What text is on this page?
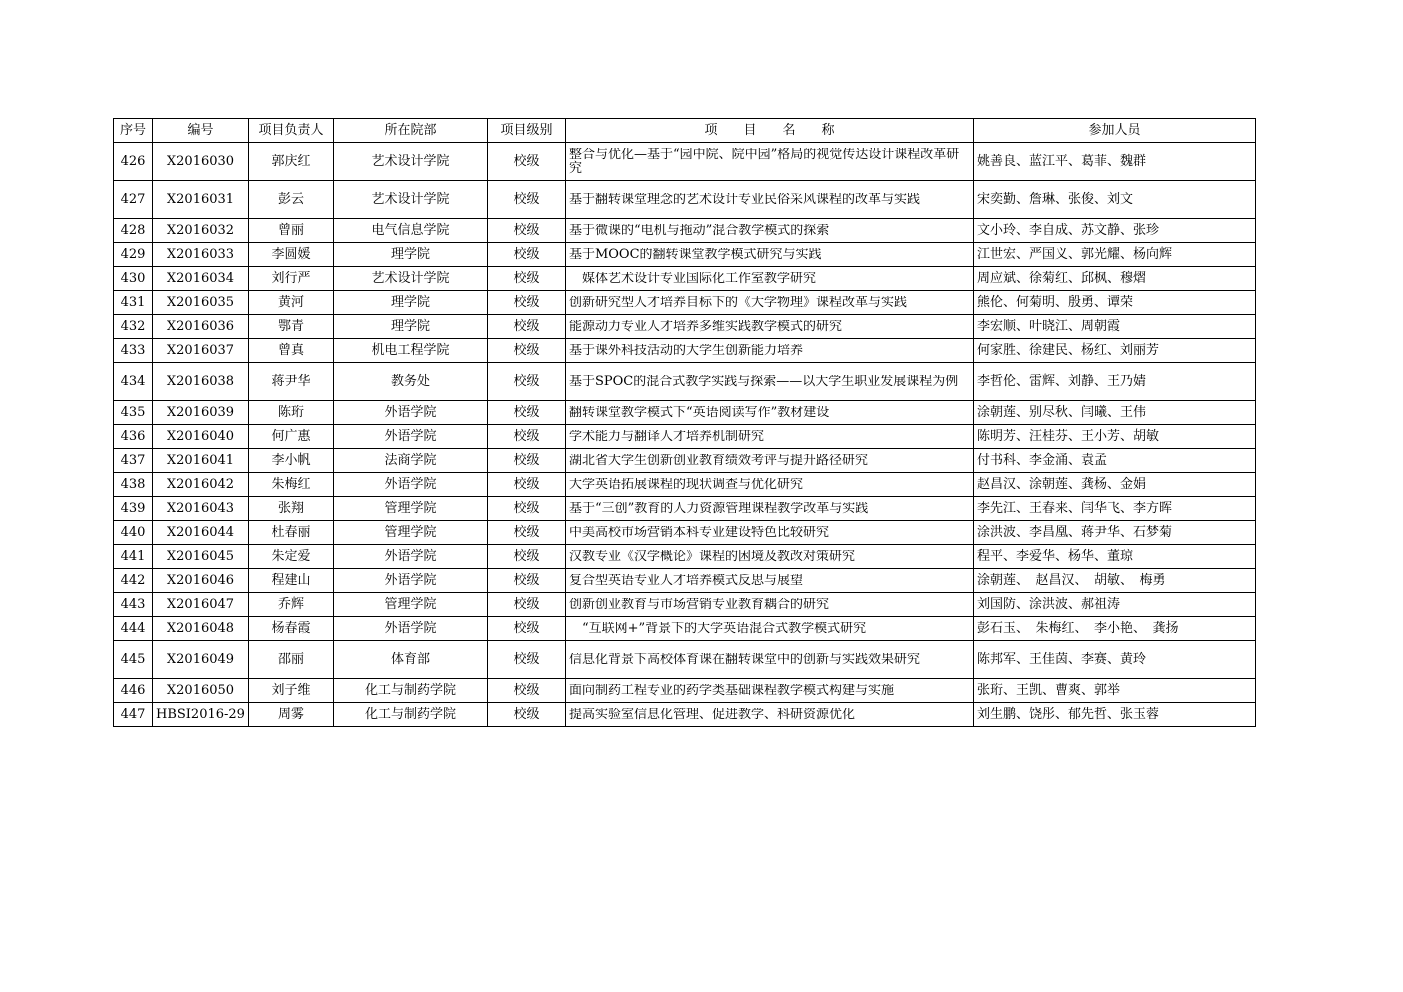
序号	编号	项目负责人	所在院部	项目级别	项　　目　　名　　称	参加人员
426	X2016030	郭庆红	艺术设计学院	校级	整合与优化—基于“园中院、院中园”格局的视觉传达设计课程改革研究	姚善良、蓝江平、葛菲、魏群
427	X2016031	彭云	艺术设计学院	校级	基于翻转课堂理念的艺术设计专业民俗采风课程的改革与实践	宋奕勤、詹琳、张俊、刘文
428	X2016032	曾丽	电气信息学院	校级	基于微课的“电机与拖动”混合教学模式的探索	文小玲、李自成、苏文静、张珍
429	X2016033	李圆媛	理学院	校级	基于MOOC的翻转课堂教学模式研究与实践	江世宏、严国义、郭光耀、杨向辉
430	X2016034	刘行严	艺术设计学院	校级	　媒体艺术设计专业国际化工作室教学研究	周应斌、徐菊红、邱枫、穆熠
431	X2016035	黄河	理学院	校级	创新研究型人才培养目标下的《大学物理》课程改革与实践	熊伦、何菊明、殷勇、谭荣
432	X2016036	鄂青	理学院	校级	能源动力专业人才培养多维实践教学模式的研究	李宏顺、叶晓江、周朝霞
433	X2016037	曾真	机电工程学院	校级	基于课外科技活动的大学生创新能力培养	何家胜、徐建民、杨红、刘丽芳
434	X2016038	蒋尹华	教务处	校级	基于SPOC的混合式教学实践与探索——以大学生职业发展课程为例	李哲伦、雷辉、刘静、王乃婧
435	X2016039	陈珩	外语学院	校级	翻转课堂教学模式下“英语阅读写作”教材建设	涂朝莲、别尽秋、闫曦、王伟
436	X2016040	何广惠	外语学院	校级	学术能力与翻译人才培养机制研究	陈明芳、汪桂芬、王小芳、胡敏
437	X2016041	李小帆	法商学院	校级	湖北省大学生创新创业教育绩效考评与提升路径研究	付书科、李金涌、袁孟
438	X2016042	朱梅红	外语学院	校级	大学英语拓展课程的现状调查与优化研究	赵昌汉、涂朝莲、龚杨、金娟
439	X2016043	张翔	管理学院	校级	基于“三创”教育的人力资源管理课程教学改革与实践	李先江、王春来、闫华飞、李方晖
440	X2016044	杜春丽	管理学院	校级	中美高校市场营销本科专业建设特色比较研究	涂洪波、李昌凰、蒋尹华、石梦菊
441	X2016045	朱定爱	外语学院	校级	汉教专业《汉学概论》课程的困境及教改对策研究	程平、李爱华、杨华、董琼
442	X2016046	程建山	外语学院	校级	复合型英语专业人才培养模式反思与展望	涂朝莲、　赵昌汉、　胡敏、　梅勇
443	X2016047	乔辉	管理学院	校级	创新创业教育与市场营销专业教育耦合的研究	刘国防、涂洪波、郝祖涛
444	X2016048	杨春霞	外语学院	校级	　“互联网+”背景下的大学英语混合式教学模式研究	彭石玉、　朱梅红、　李小艳、　龚扬
445	X2016049	邵丽	体育部	校级	信息化背景下高校体育课在翻转课堂中的创新与实践效果研究	陈邦军、王佳茵、李赛、黄玲
446	X2016050	刘子维	化工与制药学院	校级	面向制药工程专业的药学类基础课程教学模式构建与实施	张珩、王凯、曹爽、郭举
447	HBSI2016-29	周雾	化工与制药学院	校级	提高实验室信息化管理、促进教学、科研资源优化	刘生鹏、饶彤、郁先哲、张玉蓉
